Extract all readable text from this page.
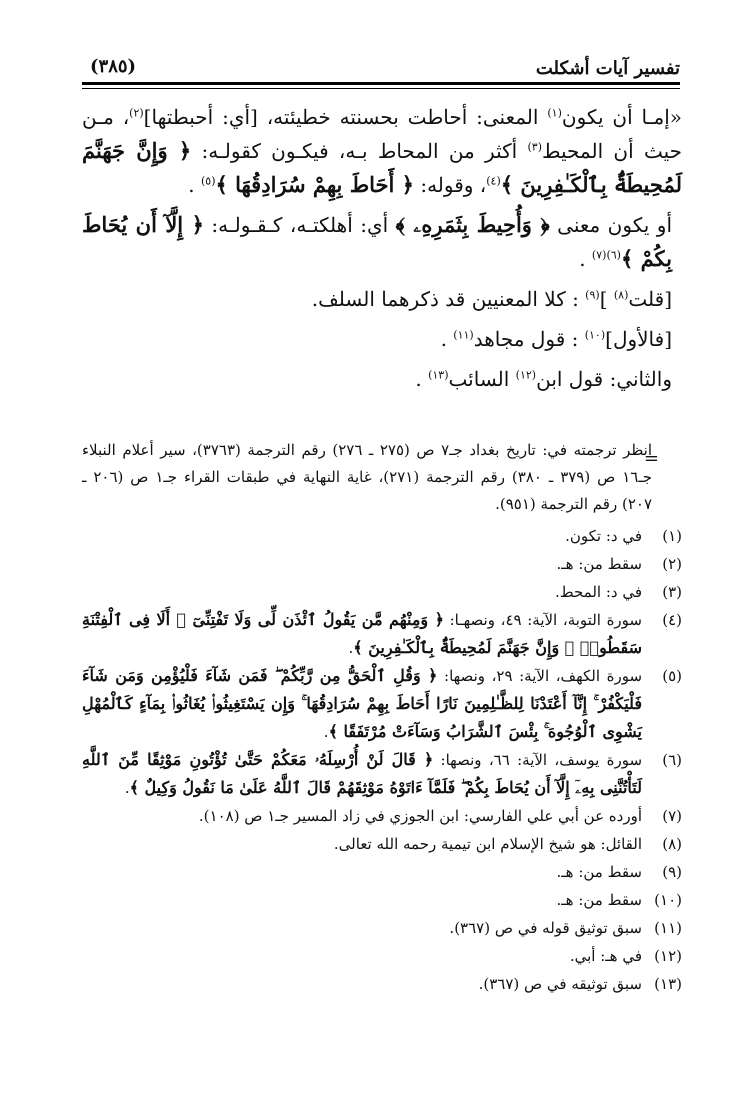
تفسير آيات أشكلت
(٣٨٥)

«إمـا أن يكون$^{(١)}$ المعنى: أحاطت بحسنته خطيئته، [أي: أحبطتها]$^{(٢)}$، مـن حيث أن المحيط$^{(٣)}$ أكثر من المحاط بـه، فيكـون كقولـه: ﴿ وَإِنَّ جَهَنَّمَ لَمُحِيطَةٌۢ بِٱلْكَـٰفِرِينَ ﴾$^{(٤)}$، وقوله: ﴿ أَحَاطَ بِهِمْ سُرَادِقُهَا ﴾$^{(٥)}$ .

أو يكون معنى ﴿ وَأُحِيطَ بِثَمَرِهِۦ ﴾ أي: أهلكتـه، كـقـولـه: ﴿ إِلَّآ أَن يُحَاطَ بِكُمْ ﴾$^{(٦)(٧)}$ .

[قلت$^{(٨)}$ ]$^{(٩)}$ : كلا المعنيين قد ذكرهما السلف.

[فالأول]$^{(١٠)}$ : قول مجاهد$^{(١١)}$ .

والثاني: قول ابن$^{(١٢)}$ السائب$^{(١٣)}$ .

=
انظر ترجمته في: تاريخ بغداد جـ٧ ص (٢٧٥ ـ ٢٧٦) رقم الترجمة (٣٧٦٣)، سير أعلام النبلاء جـ١٦ ص (٣٧٩ ـ ٣٨٠) رقم الترجمة (٢٧١)، غاية النهاية في طبقات القراء جـ١ ص (٢٠٦ ـ ٢٠٧) رقم الترجمة (٩٥١).
(١)
في د: تكون.
(٢)
سقط من: هـ.
(٣)
في د: المحط.
(٤)
سورة التوبة، الآية: ٤٩، ونصهـا: ﴿ وَمِنْهُم مَّن يَقُولُ ٱئْذَن لِّى وَلَا تَفْتِنِّىٓ ۚ أَلَا فِى ٱلْفِتْنَةِ سَقَطُوا۟ ۗ وَإِنَّ جَهَنَّمَ لَمُحِيطَةٌۢ بِٱلْكَـٰفِرِينَ ﴾.
(٥)
سورة الكهف، الآية: ٢٩، ونصها: ﴿ وَقُلِ ٱلْحَقُّ مِن رَّبِّكُمْ ۖ فَمَن شَآءَ فَلْيُؤْمِن وَمَن شَآءَ فَلْيَكْفُرْ ۚ إِنَّآ أَعْتَدْنَا لِلظَّـٰلِمِينَ نَارًا أَحَاطَ بِهِمْ سُرَادِقُهَا ۚ وَإِن يَسْتَغِيثُوا۟ يُغَاثُوا۟ بِمَآءٍ كَٱلْمُهْلِ يَشْوِى ٱلْوُجُوهَ ۚ بِئْسَ ٱلشَّرَابُ وَسَآءَتْ مُرْتَفَقًا ﴾.
(٦)
سورة يوسف، الآية: ٦٦، ونصها: ﴿ قَالَ لَنْ أُرْسِلَهُۥ مَعَكُمْ حَتَّىٰ تُؤْتُونِ مَوْثِقًا مِّنَ ٱللَّهِ لَتَأْتُنَّنِى بِهِۦٓ إِلَّآ أَن يُحَاطَ بِكُمْ ۖ فَلَمَّآ ءَاتَوْهُ مَوْثِقَهُمْ قَالَ ٱللَّهُ عَلَىٰ مَا نَقُولُ وَكِيلٌ ﴾.
(٧)
أورده عن أبي علي الفارسي: ابن الجوزي في زاد المسير جـ١ ص (١٠٨).
(٨)
القائل: هو شيخ الإسلام ابن تيمية رحمه الله تعالى.
(٩)
سقط من: هـ.
(١٠)
سقط من: هـ.
(١١)
سبق توثيق قوله في ص (٣٦٧).
(١٢)
في هـ: أبي.
(١٣)
سبق توثيقه في ص (٣٦٧).
